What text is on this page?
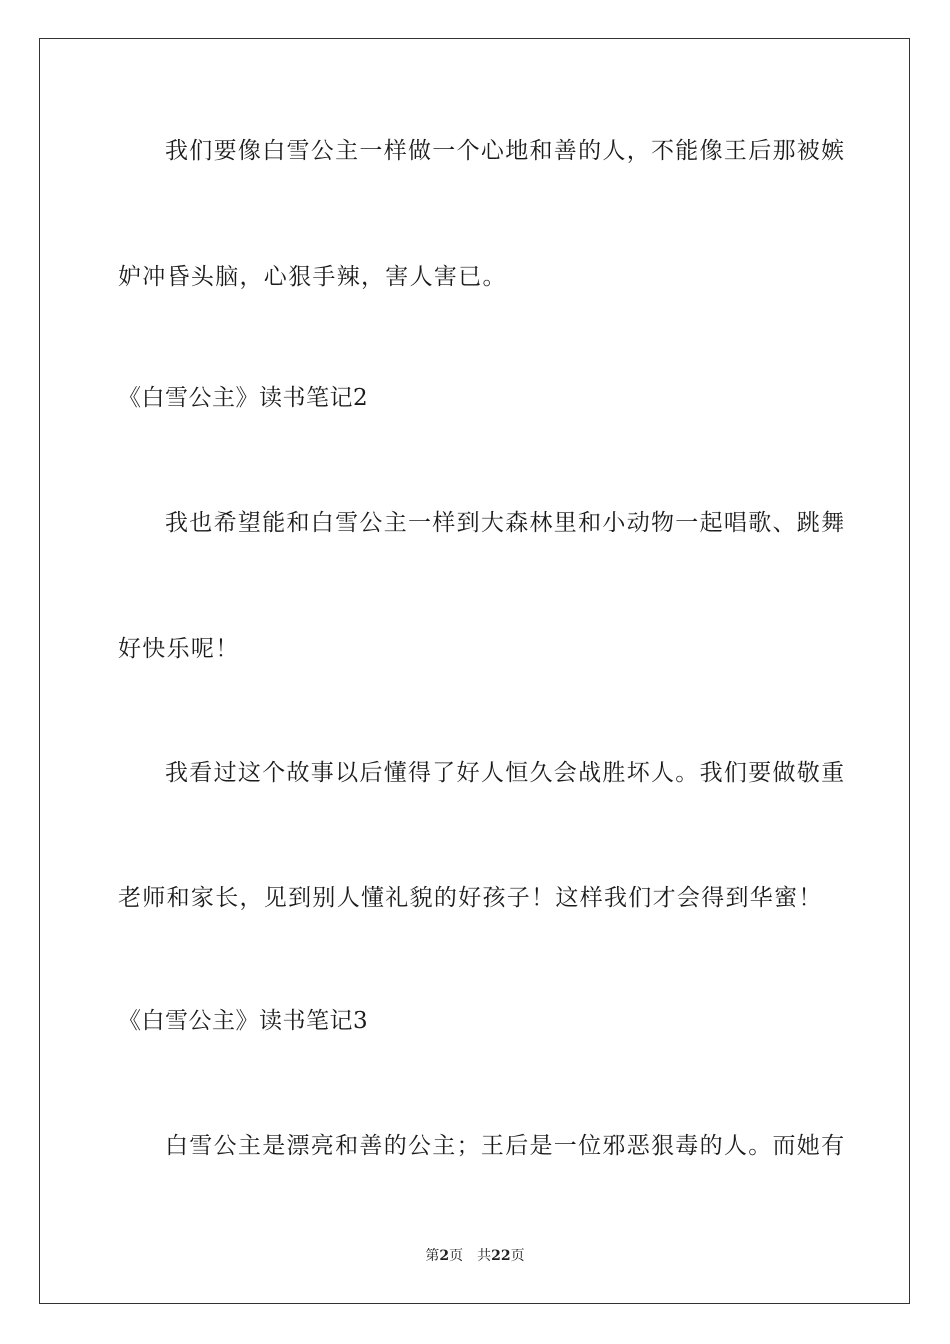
我们要像白雪公主一样做一个心地和善的人，不能像王后那被嫉
妒冲昏头脑，心狠手辣，害人害已。
《白雪公主》读书笔记2
我也希望能和白雪公主一样到大森林里和小动物一起唱歌、跳舞
好快乐呢！
我看过这个故事以后懂得了好人恒久会战胜坏人。我们要做敬重
老师和家长，见到别人懂礼貌的好孩子！这样我们才会得到华蜜！
《白雪公主》读书笔记3
白雪公主是漂亮和善的公主；王后是一位邪恶狠毒的人。而她有
第2页 共22页
